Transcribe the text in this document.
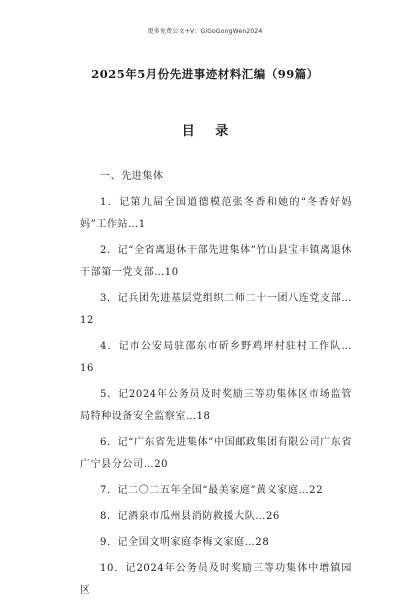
更多免费公文+V：GiGoGongWen2024
2025年5月份先进事迹材料汇编（99篇）
目 录
一、先进集体
1．记第九届全国道德模范张冬香和她的“冬香好妈妈”工作站…1
2．记“全省离退休干部先进集体”竹山县宝丰镇离退休干部第一党支部…10
3．记兵团先进基层党组织二师二十一团八连党支部…12
4．记市公安局驻邵东市斫乡野鸡坪村驻村工作队…16
5．记2024年公务员及时奖励三等功集体区市场监管局特种设备安全监察室…18
6．记“广东省先进集体”中国邮政集团有限公司广东省广宁县分公司…20
7．记二〇二五年全国“最美家庭”黄义家庭…22
8．记酒泉市瓜州县消防救援大队…26
9．记全国文明家庭李梅文家庭…28
10．记2024年公务员及时奖励三等功集体中增镇园区
